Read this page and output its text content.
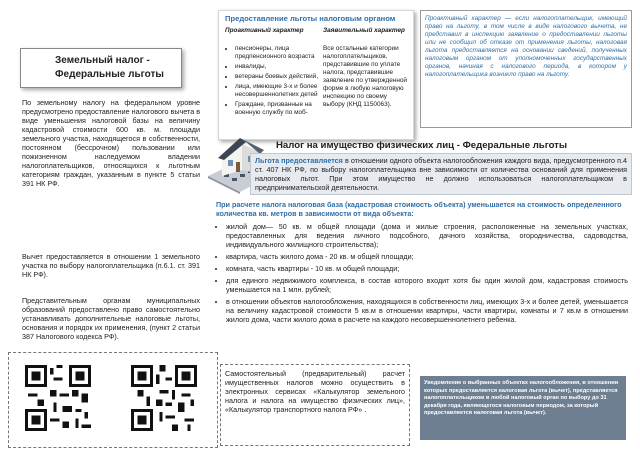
Предоставление льготы налоговым органом
Проактивный характер	Заявительный характер
• пенсионеры, лица предпенсионного возраста
• инвалиды,
• ветераны боевых действий,
• лица, имеющие 3-х и более несовершеннолетних детей
• Граждане, призванные на военную службу по моб-
Все остальные категории налогоплательщиков, представившие по уплате налога, представившие заявление по утвержденной форме в любую налоговую инспекцию по своему выбору (КНД 1150063).
Проактивный характер — если налогоплательщик, имеющий право на льготу, в том числе в виде налогового вычета, не представил в инспекцию заявление о предоставлении льготы или не сообщил об отказе от применения льготы, налоговая льгота предоставляется на основании сведений, полученных налоговым органом от уполномоченных государственных органов, начиная с налогового периода, в котором у налогоплательщика возникло право на льготу.
Земельный налог -
Федеральные льготы
По земельному налогу на федеральном уровне предусмотрено предоставление налогового вычета в виде уменьшения налоговой базы на величину кадастровой стоимости 600 кв. м. площади земельного участка, находящегося в собственности, постоянном (бессрочном) пользовании или пожизненном наследуемом владении налогоплательщиков, относящихся к льготным категориям граждан, указанным в пункте 5 статьи 391 НК РФ.
Вычет предоставляется в отношении 1 земельного участка по выбору налогоплательщика (п.6.1. ст. 391 НК РФ).
Представительным органам муниципальных образований предоставлено право самостоятельно устанавливать дополнительные налоговые льготы, основания и порядок их применения, (пункт 2 статьи 387 Налогового кодекса РФ).
Налог на имущество физических лиц - Федеральные льготы
Льгота предоставляется в отношении одного объекта налогообложения каждого вида, предусмотренного п.4 ст. 407 НК РФ, по выбору налогоплательщика вне зависимости от количества оснований для применения налоговых льгот. При этом имущество не должно использоваться налогоплательщиком в предпринимательской деятельности.
При расчете налога налоговая база (кадастровая стоимость объекта) уменьшается на стоимость определенного количества кв. метров в зависимости от вида объекта:
• жилой дом— 50 кв. м общей площади (дома и жилые строения, расположенные на земельных участках, предоставленных для ведения личного подсобного, дачного хозяйства, огородничества, садоводства, индивидуального жилищного строительства);
• квартира, часть жилого дома - 20 кв. м общей площади;
• комната, часть квартиры - 10 кв. м общей площади;
• для единого недвижимого комплекса, в состав которого входит хотя бы один жилой дом, кадастровая стоимость уменьшается на 1 млн. рублей;
• в отношении объектов налогообложения, находящихся в собственности лиц, имеющих 3-х и более детей, уменьшается на величину кадастровой стоимости 5 кв.м в отношении квартиры, части квартиры, комнаты и 7 кв.м в отношении жилого дома, части жилого дома в расчете на каждого несовершеннолетнего ребенка.
Самостоятельный (предварительный) расчет имущественных налогов можно осуществить в электронных сервисах «Калькулятор земельного налога и налога на имущество физических лиц», «Калькулятор транспортного налога РФ» .
Уведомление о выбранных объектах налогообложения, в отношении которых предоставляется налоговая льгота (вычет), представляется налогоплательщиком в любой налоговый орган по выбору до 31 декабря года, являющегося налоговым периодом, за который предоставляется налоговая льгота (вычет).
